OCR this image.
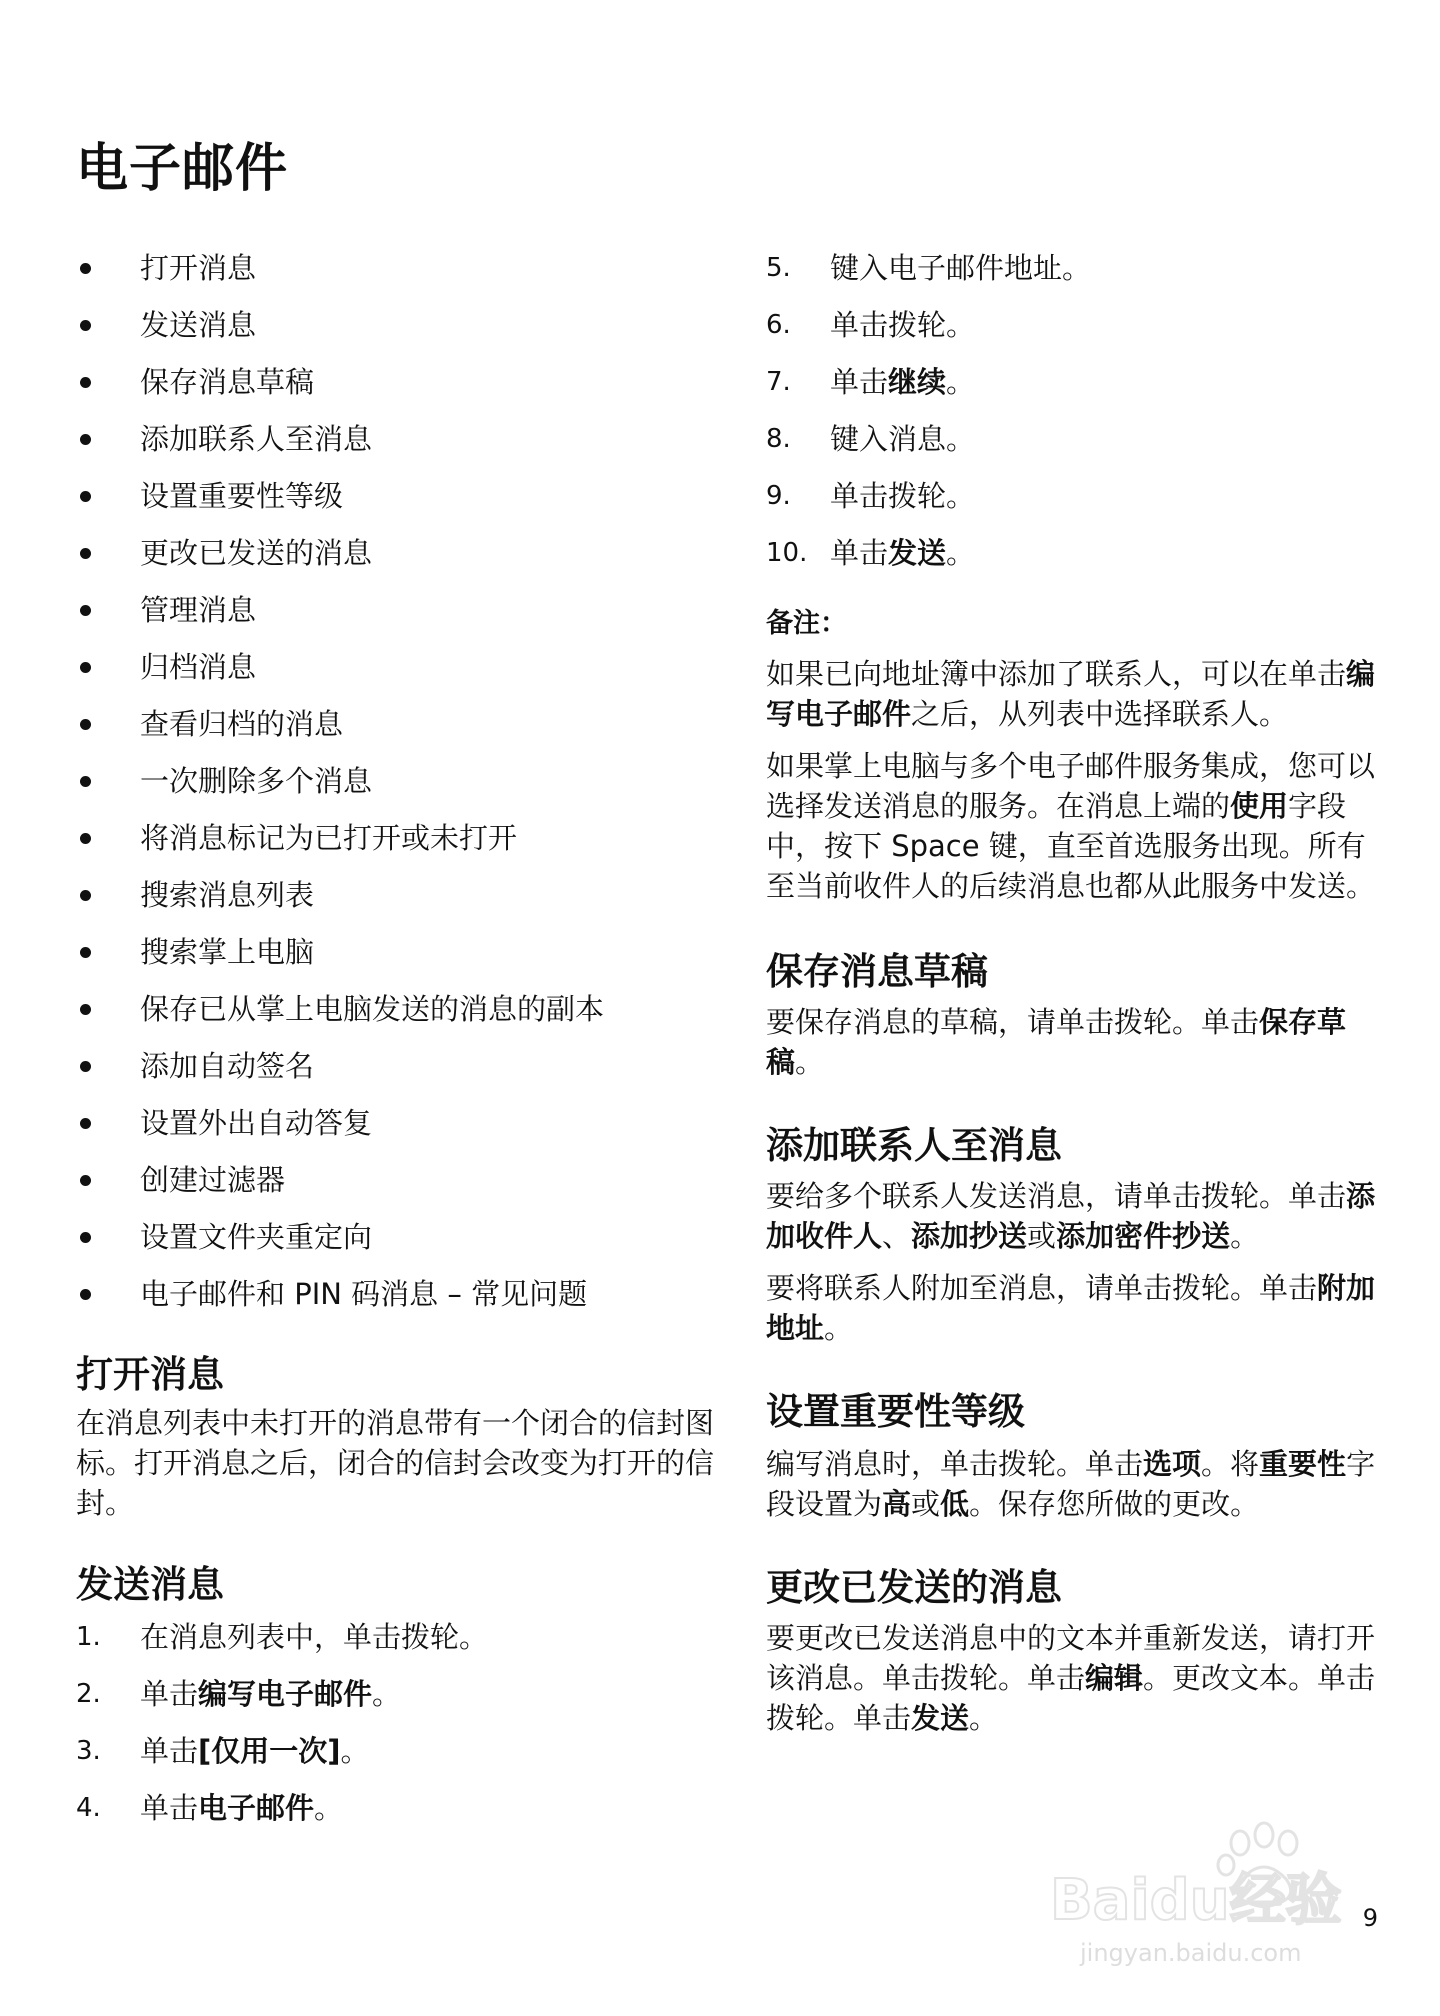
电子邮件
打开消息
发送消息
保存消息草稿
添加联系人至消息
设置重要性等级
更改已发送的消息
管理消息
归档消息
查看归档的消息
一次删除多个消息
将消息标记为已打开或未打开
搜索消息列表
搜索掌上电脑
保存已从掌上电脑发送的消息的副本
添加自动签名
设置外出自动答复
创建过滤器
设置文件夹重定向
电子邮件和 PIN 码消息 – 常见问题
打开消息

在消息列表中未打开的消息带有一个闭合的信封图标。打开消息之后，闭合的信封会改变为打开的信封。

发送消息
1. 在消息列表中，单击拨轮。
2. 单击编写电子邮件。
3. 单击[仅用一次]。
4. 单击电子邮件。
5. 键入电子邮件地址。
6. 单击拨轮。
7. 单击继续。
8. 键入消息。
9. 单击拨轮。
10. 单击发送。

备注：

如果已向地址簿中添加了联系人，可以在单击编写电子邮件之后，从列表中选择联系人。

如果掌上电脑与多个电子邮件服务集成，您可以选择发送消息的服务。在消息上端的使用字段中，按下 Space 键，直至首选服务出现。所有至当前收件人的后续消息也都从此服务中发送。

保存消息草稿

要保存消息的草稿，请单击拨轮。单击保存草稿。

添加联系人至消息

要给多个联系人发送消息，请单击拨轮。单击添加收件人、添加抄送或添加密件抄送。

要将联系人附加至消息，请单击拨轮。单击附加地址。

设置重要性等级

编写消息时，单击拨轮。单击选项。将重要性字段设置为高或低。保存您所做的更改。

更改已发送的消息

要更改已发送消息中的文本并重新发送，请打开该消息。单击拨轮。单击编辑。更改文本。单击拨轮。单击发送。

Baidu经验
jingyan.baidu.com
9
